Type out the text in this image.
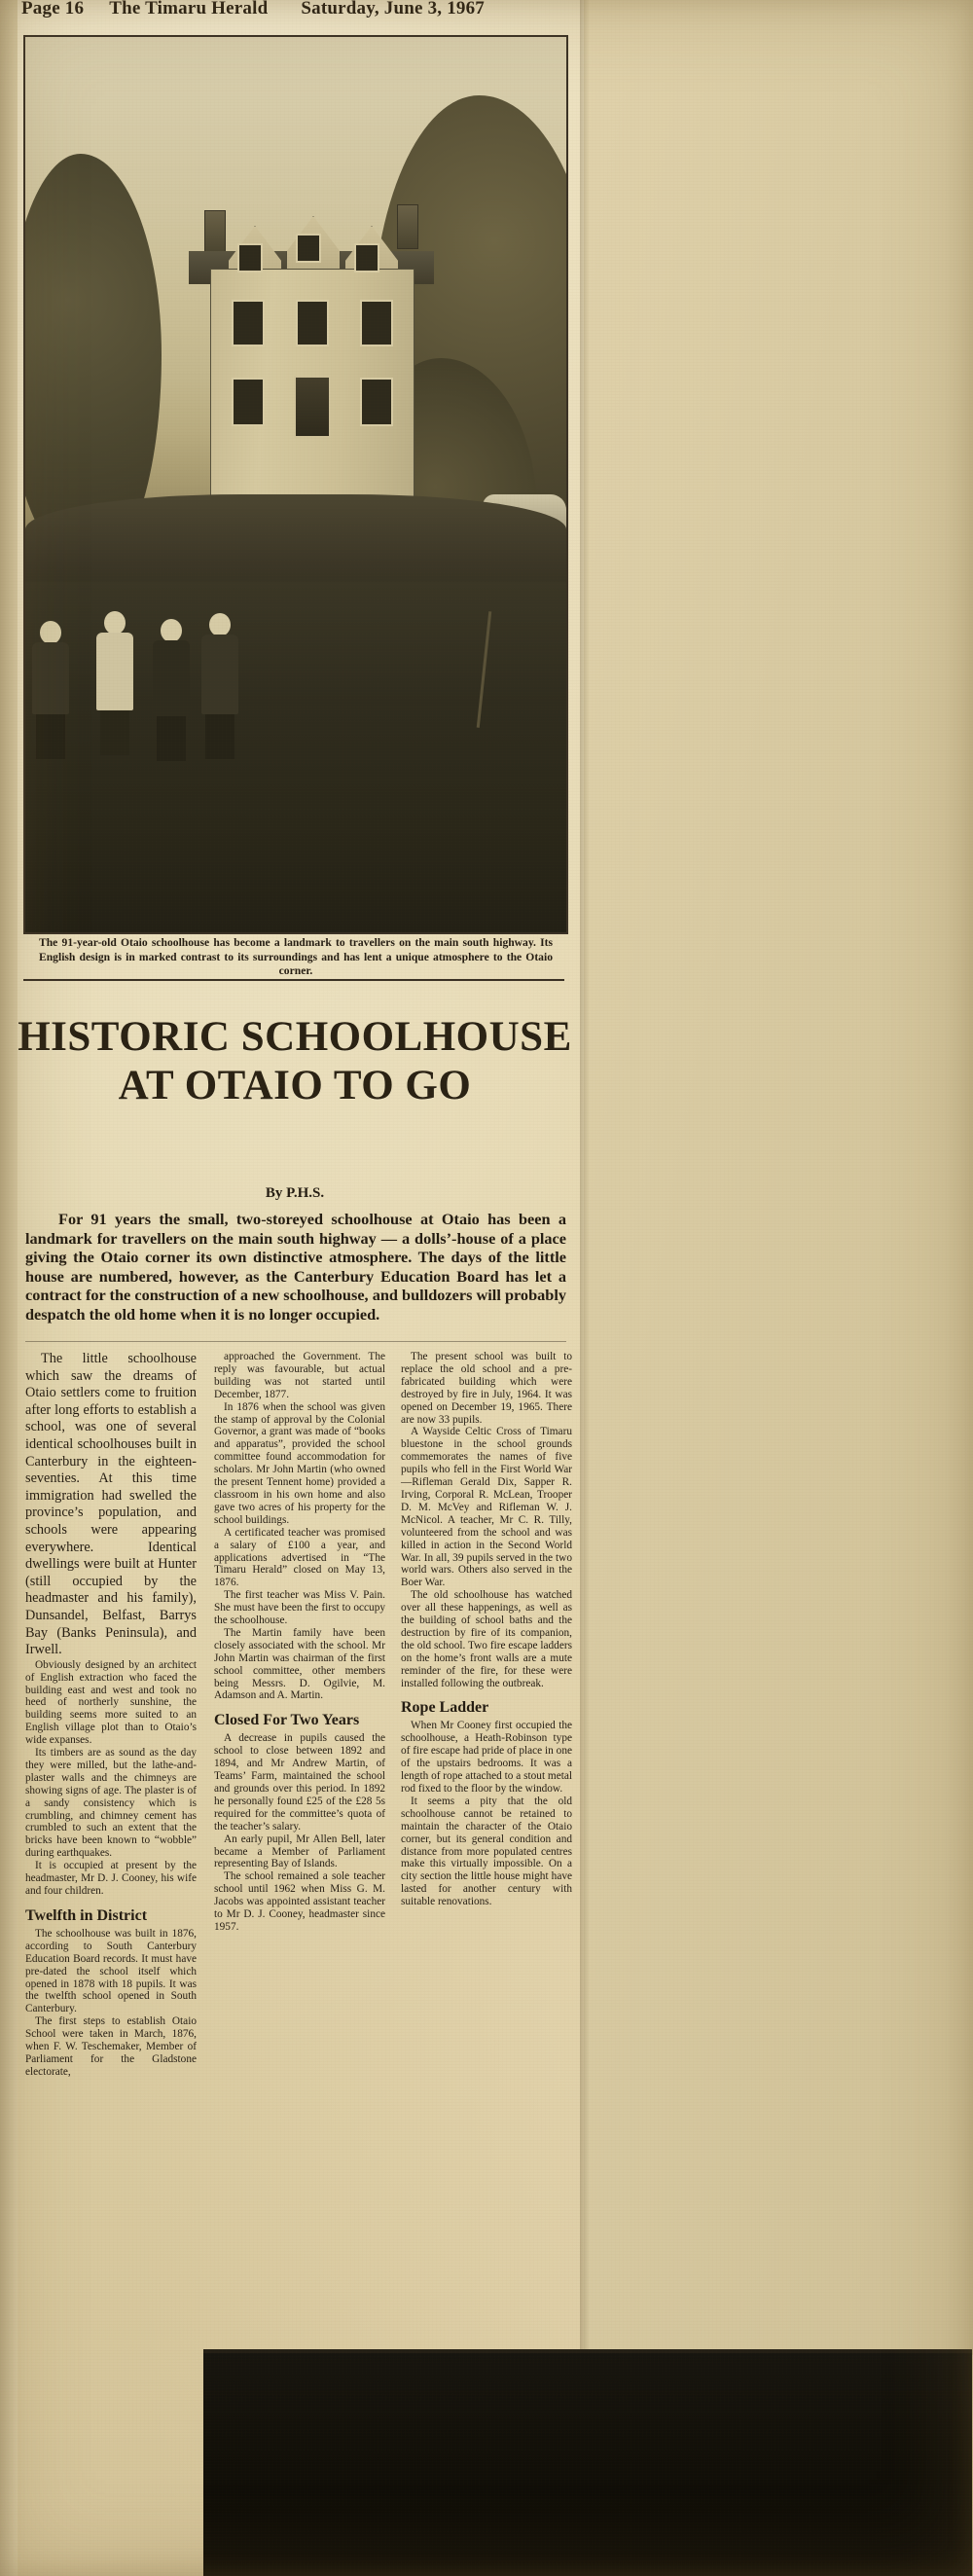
Page 16 The Timaru Herald Saturday, June 3, 1967
The 91-year-old Otaio schoolhouse has become a landmark to travellers on the main south highway. Its English design is in marked contrast to its surroundings and has lent a unique atmosphere to the Otaio corner.
HISTORIC SCHOOLHOUSE
AT OTAIO TO GO
By P.H.S.
For 91 years the small, two-storeyed schoolhouse at Otaio has been a landmark for travellers on the main south highway — a dolls’-house of a place giving the Otaio corner its own distinctive atmosphere. The days of the little house are numbered, however, as the Canterbury Education Board has let a contract for the construction of a new schoolhouse, and bulldozers will probably despatch the old home when it is no longer occupied.

The little schoolhouse which saw the dreams of Otaio settlers come to fruition after long efforts to establish a school, was one of several identical schoolhouses built in Canterbury in the eighteen-seventies. At this time immigration had swelled the province’s population, and schools were appearing everywhere. Identical dwellings were built at Hunter (still occupied by the headmaster and his family), Dunsandel, Belfast, Barrys Bay (Banks Peninsula), and Irwell.

Obviously designed by an architect of English extraction who faced the building east and west and took no heed of northerly sunshine, the building seems more suited to an English village plot than to Otaio’s wide expanses.

Its timbers are as sound as the day they were milled, but the lathe-and-plaster walls and the chimneys are showing signs of age. The plaster is of a sandy consistency which is crumbling, and chimney cement has crumbled to such an extent that the bricks have been known to “wobble” during earthquakes.

It is occupied at present by the headmaster, Mr D. J. Cooney, his wife and four children.

Twelfth in District

The schoolhouse was built in 1876, according to South Canterbury Education Board records. It must have pre-dated the school itself which opened in 1878 with 18 pupils. It was the twelfth school opened in South Canterbury.

The first steps to establish Otaio School were taken in March, 1876, when F. W. Teschemaker, Member of Parliament for the Gladstone electorate,

approached the Government. The reply was favourable, but actual building was not started until December, 1877.

In 1876 when the school was given the stamp of approval by the Colonial Governor, a grant was made of “books and apparatus”, provided the school committee found accommodation for scholars. Mr John Martin (who owned the present Tennent home) provided a classroom in his own home and also gave two acres of his property for the school buildings.

A certificated teacher was promised a salary of £100 a year, and applications advertised in “The Timaru Herald” closed on May 13, 1876.

The first teacher was Miss V. Pain. She must have been the first to occupy the schoolhouse.

The Martin family have been closely associated with the school. Mr John Martin was chairman of the first school committee, other members being Messrs. D. Ogilvie, M. Adamson and A. Martin.

Closed For Two Years

A decrease in pupils caused the school to close between 1892 and 1894, and Mr Andrew Martin, of Teams’ Farm, maintained the school and grounds over this period. In 1892 he personally found £25 of the £28 5s required for the committee’s quota of the teacher’s salary.

An early pupil, Mr Allen Bell, later became a Member of Parliament representing Bay of Islands.

The school remained a sole teacher school until 1962 when Miss G. M. Jacobs was appointed assistant teacher to Mr D. J. Cooney, headmaster since 1957.

The present school was built to replace the old school and a pre-fabricated building which were destroyed by fire in July, 1964. It was opened on December 19, 1965. There are now 33 pupils.

A Wayside Celtic Cross of Timaru bluestone in the school grounds commemorates the names of five pupils who fell in the First World War—Rifleman Gerald Dix, Sapper R. Irving, Corporal R. McLean, Trooper D. M. McVey and Rifleman W. J. McNicol. A teacher, Mr C. R. Tilly, volunteered from the school and was killed in action in the Second World War. In all, 39 pupils served in the two world wars. Others also served in the Boer War.

The old schoolhouse has watched over all these happenings, as well as the building of school baths and the destruction by fire of its companion, the old school. Two fire escape ladders on the home’s front walls are a mute reminder of the fire, for these were installed following the outbreak.

Rope Ladder

When Mr Cooney first occupied the schoolhouse, a Heath-Robinson type of fire escape had pride of place in one of the upstairs bedrooms. It was a length of rope attached to a stout metal rod fixed to the floor by the window.

It seems a pity that the old schoolhouse cannot be retained to maintain the character of the Otaio corner, but its general condition and distance from more populated centres make this virtually impossible. On a city section the little house might have lasted for another century with suitable renovations.
